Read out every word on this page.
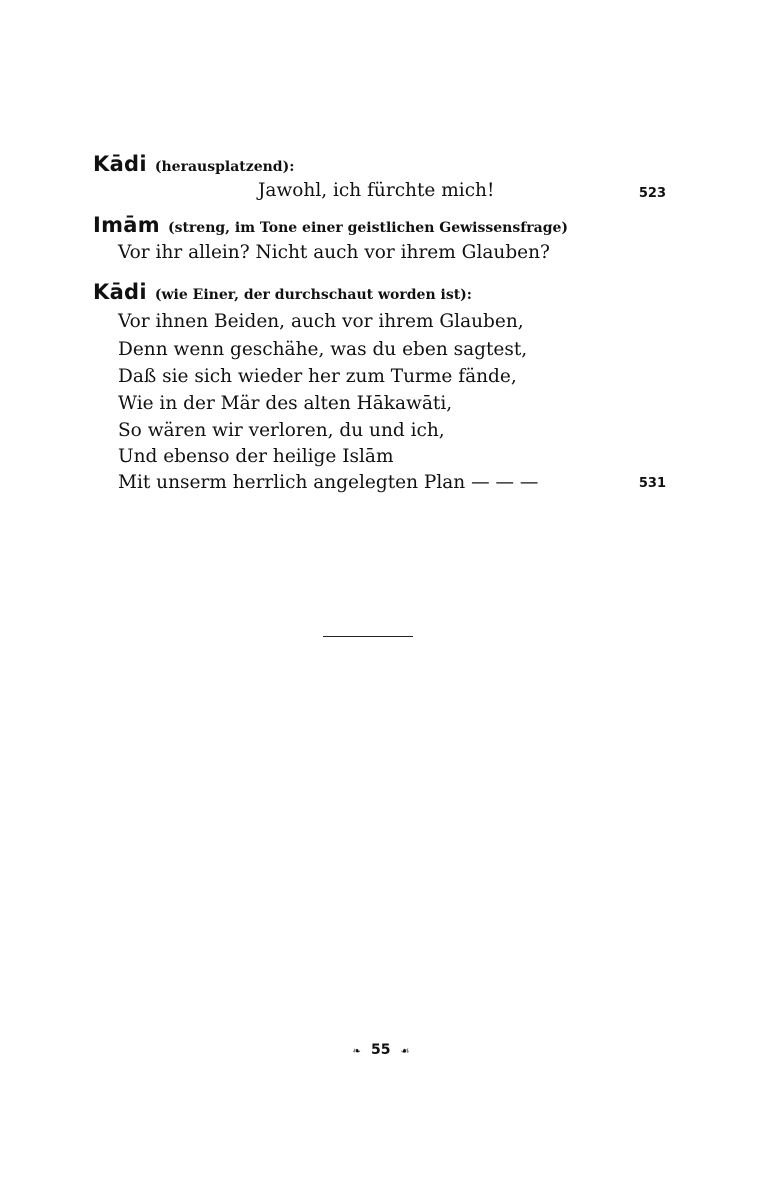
Kādi (herausplatzend):
Jawohl, ich fürchte mich!	523
Imām (streng, im Tone einer geistlichen Gewissensfrage)
Vor ihr allein? Nicht auch vor ihrem Glauben?
Kādi (wie Einer, der durchschaut worden ist):
Vor ihnen Beiden, auch vor ihrem Glauben,
Denn wenn geschähe, was du eben sagtest,
Daß sie sich wieder her zum Turme fände,
Wie in der Mär des alten Hākawāti,
So wären wir verloren, du und ich,
Und ebenso der heilige Islām
Mit unserm herrlich angelegten Plan — — —	531
❧ 55 ☙
